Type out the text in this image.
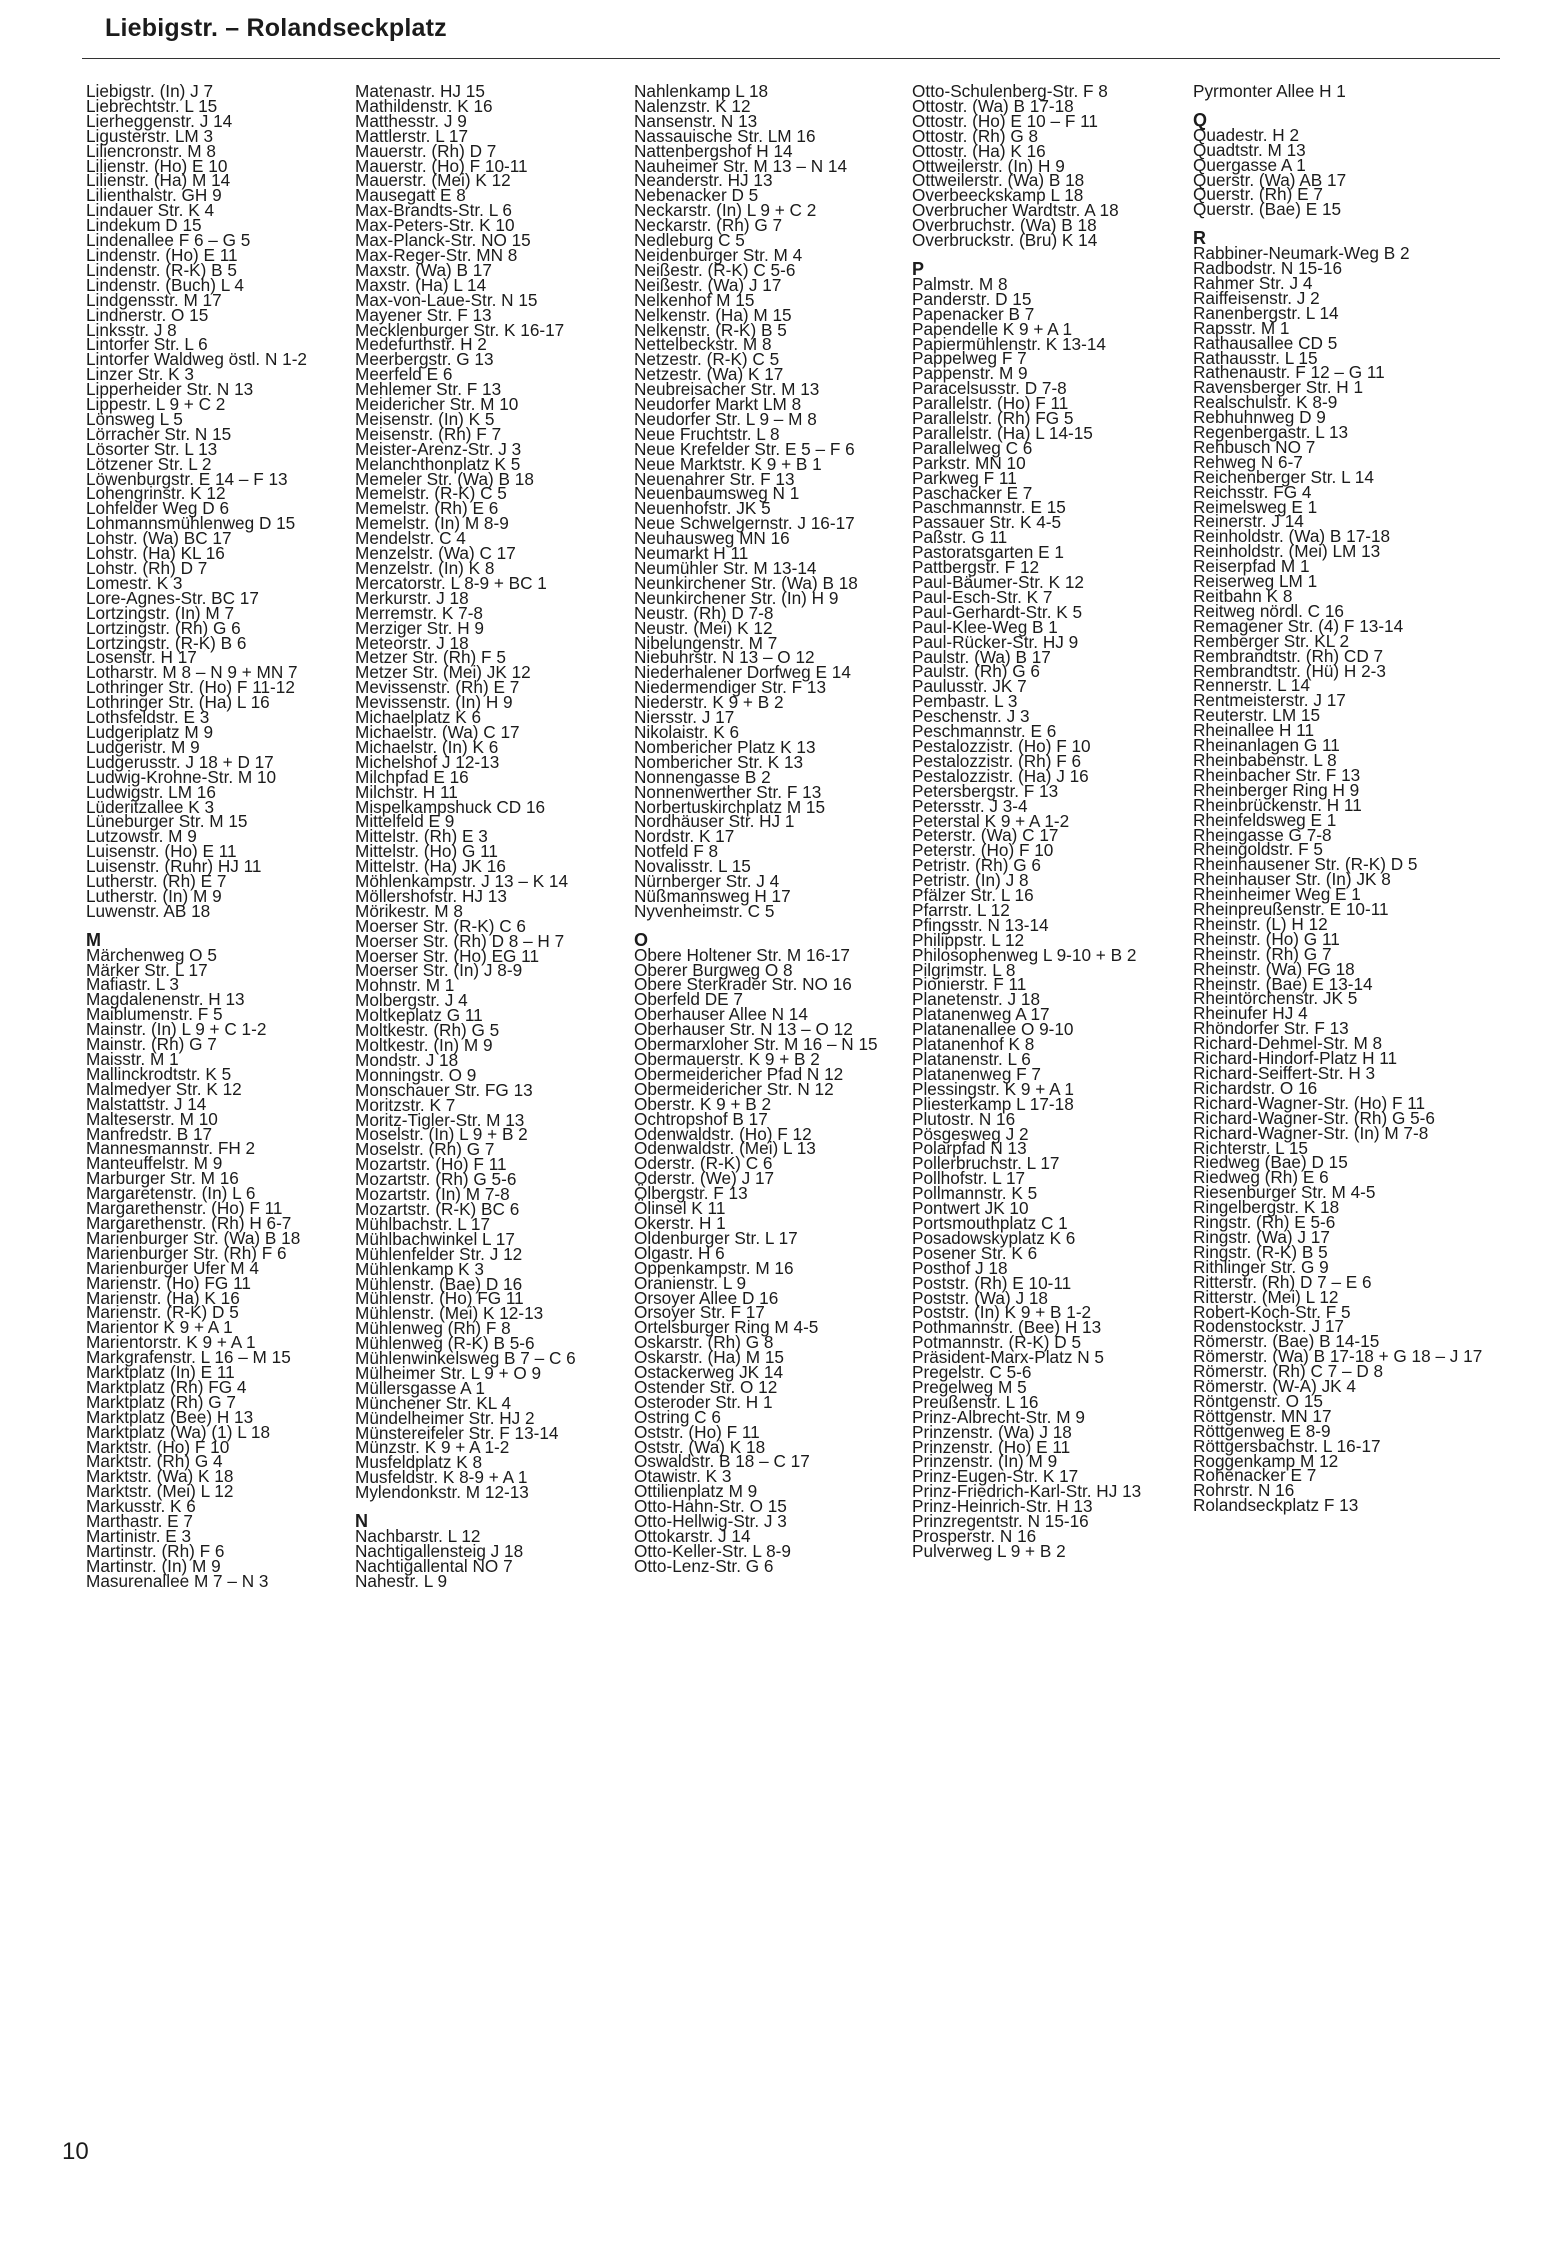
Liebigstr. – Rolandseckplatz
Liebigstr. (In) J 7
Liebrechtstr. L 15
Lierheggenstr. J 14
Ligusterstr. LM 3
Liliencronstr. M 8
Lilienstr. (Ho) E 10
Lilienstr. (Ha) M 14
Lilienthalstr. GH 9
Lindauer Str. K 4
Lindekum D 15
Lindenallee F 6 – G 5
Lindenstr. (Ho) E 11
Lindenstr. (R-K) B 5
Lindenstr. (Buch) L 4
Lindgensstr. M 17
Lindnerstr. O 15
Linksstr. J 8
Lintorfer Str. L 6
Lintorfer Waldweg östl. N 1-2
Linzer Str. K 3
Lipperheider Str. N 13
Lippestr. L 9 + C 2
Lönsweg L 5
Lörracher Str. N 15
Lösorter Str. L 13
Lötzener Str. L 2
Löwenburgstr. E 14 – F 13
Lohengrinstr. K 12
Lohfelder Weg D 6
Lohmannsmühlenweg D 15
Lohstr. (Wa) BC 17
Lohstr. (Ha) KL 16
Lohstr. (Rh) D 7
Lomestr. K 3
Lore-Agnes-Str. BC 17
Lortzingstr. (In) M 7
Lortzingstr. (Rh) G 6
Lortzingstr. (R-K) B 6
Losenstr. H 17
Lotharstr. M 8 – N 9 + MN 7
Lothringer Str. (Ho) F 11-12
Lothringer Str. (Ha) L 16
Lothsfeldstr. E 3
Ludgeriplatz M 9
Ludgeristr. M 9
Ludgerusstr. J 18 + D 17
Ludwig-Krohne-Str. M 10
Ludwigstr. LM 16
Lüderitzallee K 3
Lüneburger Str. M 15
Lutzowstr. M 9
Luisenstr. (Ho) E 11
Luisenstr. (Ruhr) HJ 11
Lutherstr. (Rh) E 7
Lutherstr. (In) M 9
Luwenstr. AB 18
M
Märchenweg O 5
Märker Str. L 17
Mafiastr. L 3
Magdalenenstr. H 13
Maiblumenstr. F 5
Mainstr. (In) L 9 + C 1-2
Mainstr. (Rh) G 7
Maisstr. M 1
Mallinckrodtstr. K 5
Malmedyer Str. K 12
Malstattstr. J 14
Malteserstr. M 10
Manfredstr. B 17
Mannesmannstr. FH 2
Manteuffelstr. M 9
Marburger Str. M 16
Margaretenstr. (In) L 6
Margarethenstr. (Ho) F 11
Margarethenstr. (Rh) H 6-7
Marienburger Str. (Wa) B 18
Marienburger Str. (Rh) F 6
Marienburger Ufer M 4
Marienstr. (Ho) FG 11
Marienstr. (Ha) K 16
Marienstr. (R-K) D 5
Marientor K 9 + A 1
Marientorstr. K 9 + A 1
Markgrafenstr. L 16 – M 15
Marktplatz (In) E 11
Marktplatz (Rh) FG 4
Marktplatz (Rh) G 7
Marktplatz (Bee) H 13
Marktplatz (Wa) (1) L 18
Marktstr. (Ho) F 10
Marktstr. (Rh) G 4
Marktstr. (Wa) K 18
Marktstr. (Mei) L 12
Markusstr. K 6
Marthastr. E 7
Martinistr. E 3
Martinstr. (Rh) F 6
Martinstr. (In) M 9
Masurenallee M 7 – N 3
Matenastr. HJ 15
Mathildenstr. K 16
Matthesstr. J 9
Mattlerstr. L 17
Mauerstr. (Rh) D 7
Mauerstr. (Ho) F 10-11
Mauerstr. (Mei) K 12
Mausegatt E 8
Max-Brandts-Str. L 6
Max-Peters-Str. K 10
Max-Planck-Str. NO 15
Max-Reger-Str. MN 8
Maxstr. (Wa) B 17
Maxstr. (Ha) L 14
Max-von-Laue-Str. N 15
Mayener Str. F 13
Mecklenburger Str. K 16-17
Medefurthstr. H 2
Meerbergstr. G 13
Meerfeld E 6
Mehlemer Str. F 13
Meidericher Str. M 10
Meisenstr. (In) K 5
Meisenstr. (Rh) F 7
Meister-Arenz-Str. J 3
Melanchthonplatz K 5
Memeler Str. (Wa) B 18
Memelstr. (R-K) C 5
Memelstr. (Rh) E 6
Memelstr. (In) M 8-9
Mendelstr. C 4
Menzelstr. (Wa) C 17
Menzelstr. (In) K 8
Mercatorstr. L 8-9 + BC 1
Merkurstr. J 18
Merremstr. K 7-8
Merziger Str. H 9
Meteorstr. J 18
Metzer Str. (Rh) F 5
Metzer Str. (Mei) JK 12
Mevissenstr. (Rh) E 7
Mevissenstr. (In) H 9
Michaelplatz K 6
Michaelstr. (Wa) C 17
Michaelstr. (In) K 6
Michelshof J 12-13
Milchpfad E 16
Milchstr. H 11
Mispelkampshuck CD 16
Mittelfeld E 9
Mittelstr. (Rh) E 3
Mittelstr. (Ho) G 11
Mittelstr. (Ha) JK 16
Möhlenkampstr. J 13 – K 14
Möllershofstr. HJ 13
Mörikestr. M 8
Moerser Str. (R-K) C 6
Moerser Str. (Rh) D 8 – H 7
Moerser Str. (Ho) EG 11
Moerser Str. (In) J 8-9
Mohnstr. M 1
Molbergstr. J 4
Moltkeplatz G 11
Moltkestr. (Rh) G 5
Moltkestr. (In) M 9
Mondstr. J 18
Monningstr. O 9
Monschauer Str. FG 13
Moritzstr. K 7
Moritz-Tigler-Str. M 13
Moselstr. (In) L 9 + B 2
Moselstr. (Rh) G 7
Mozartstr. (Ho) F 11
Mozartstr. (Rh) G 5-6
Mozartstr. (In) M 7-8
Mozartstr. (R-K) BC 6
Mühlbachstr. L 17
Mühlbachwinkel L 17
Mühlenfelder Str. J 12
Mühlenkamp K 3
Mühlenstr. (Bae) D 16
Mühlenstr. (Ho) FG 11
Mühlenstr. (Mei) K 12-13
Mühlenweg (Rh) F 8
Mühlenweg (R-K) B 5-6
Mühlenwinkelsweg B 7 – C 6
Mülheimer Str. L 9 + O 9
Müllersgasse A 1
Münchener Str. KL 4
Mündelheimer Str. HJ 2
Münstereifeler Str. F 13-14
Münzstr. K 9 + A 1-2
Musfeldplatz K 8
Musfeldstr. K 8-9 + A 1
Mylendonkstr. M 12-13
N
Nachbarstr. L 12
Nachtigallensteig J 18
Nachtigallental NO 7
Nahestr. L 9
Nahlenkamp L 18
Nalenzstr. K 12
Nansenstr. N 13
Nassauische Str. LM 16
Nattenbergshof H 14
Nauheimer Str. M 13 – N 14
Neanderstr. HJ 13
Nebenacker D 5
Neckarstr. (In) L 9 + C 2
Neckarstr. (Rh) G 7
Nedleburg C 5
Neidenburger Str. M 4
Neißestr. (R-K) C 5-6
Neißestr. (Wa) J 17
Nelkenhof M 15
Nelkenstr. (Ha) M 15
Nelkenstr. (R-K) B 5
Nettelbeckstr. M 8
Netzestr. (R-K) C 5
Netzestr. (Wa) K 17
Neubreisacher Str. M 13
Neudorfer Markt LM 8
Neudorfer Str. L 9 – M 8
Neue Fruchtstr. L 8
Neue Krefelder Str. E 5 – F 6
Neue Marktstr. K 9 + B 1
Neuenahrer Str. F 13
Neuenbaumsweg N 1
Neuenhofstr. JK 5
Neue Schwelgernstr. J 16-17
Neuhausweg MN 16
Neumarkt H 11
Neumühler Str. M 13-14
Neunkirchener Str. (Wa) B 18
Neunkirchener Str. (In) H 9
Neustr. (Rh) D 7-8
Neustr. (Mei) K 12
Nibelungenstr. M 7
Niebuhrstr. N 13 – O 12
Niederhalener Dorfweg E 14
Niedermendiger Str. F 13
Niederstr. K 9 + B 2
Niersstr. J 17
Nikolaistr. K 6
Nombericher Platz K 13
Nombericher Str. K 13
Nonnengasse B 2
Nonnenwerther Str. F 13
Norbertuskirchplatz M 15
Nordhäuser Str. HJ 1
Nordstr. K 17
Notfeld F 8
Novalisstr. L 15
Nürnberger Str. J 4
Nüßmannsweg H 17
Nyvenheimstr. C 5
O
Obere Holtener Str. M 16-17
Oberer Burgweg O 8
Obere Sterkrader Str. NO 16
Oberfeld DE 7
Oberhauser Allee N 14
Oberhauser Str. N 13 – O 12
Obermarxloher Str. M 16 – N 15
Obermauerstr. K 9 + B 2
Obermeidericher Pfad N 12
Obermeidericher Str. N 12
Oberstr. K 9 + B 2
Ochtropshof B 17
Odenwaldstr. (Ho) F 12
Odenwaldstr. (Mei) L 13
Oderstr. (R-K) C 6
Oderstr. (We) J 17
Ölbergstr. F 13
Ölinsel K 11
Okerstr. H 1
Oldenburger Str. L 17
Olgastr. H 6
Oppenkampstr. M 16
Oranienstr. L 9
Orsoyer Allee D 16
Orsoyer Str. F 17
Ortelsburger Ring M 4-5
Oskarstr. (Rh) G 8
Oskarstr. (Ha) M 15
Ostackerweg JK 14
Ostender Str. O 12
Osteroder Str. H 1
Ostring C 6
Oststr. (Ho) F 11
Oststr. (Wa) K 18
Oswaldstr. B 18 – C 17
Otawistr. K 3
Ottilienplatz M 9
Otto-Hahn-Str. O 15
Otto-Hellwig-Str. J 3
Ottokarstr. J 14
Otto-Keller-Str. L 8-9
Otto-Lenz-Str. G 6
Otto-Schulenberg-Str. F 8
Ottostr. (Wa) B 17-18
Ottostr. (Ho) E 10 – F 11
Ottostr. (Rh) G 8
Ottostr. (Ha) K 16
Ottweilerstr. (In) H 9
Ottweilerstr. (Wa) B 18
Overbeeckskamp L 18
Overbrucher Wardtstr. A 18
Overbruchstr. (Wa) B 18
Overbruckstr. (Bru) K 14
P
Palmstr. M 8
Panderstr. D 15
Papenacker B 7
Papendelle K 9 + A 1
Papiermühlenstr. K 13-14
Pappelweg F 7
Pappenstr. M 9
Paracelsusstr. D 7-8
Parallelstr. (Ho) F 11
Parallelstr. (Rh) FG 5
Parallelstr. (Ha) L 14-15
Parallelweg C 6
Parkstr. MN 10
Parkweg F 11
Paschacker E 7
Paschmannstr. E 15
Passauer Str. K 4-5
Paßstr. G 11
Pastoratsgarten E 1
Pattbergstr. F 12
Paul-Bäumer-Str. K 12
Paul-Esch-Str. K 7
Paul-Gerhardt-Str. K 5
Paul-Klee-Weg B 1
Paul-Rücker-Str. HJ 9
Paulstr. (Wa) B 17
Paulstr. (Rh) G 6
Paulusstr. JK 7
Pembastr. L 3
Peschenstr. J 3
Peschmannstr. E 6
Pestalozzistr. (Ho) F 10
Pestalozzistr. (Rh) F 6
Pestalozzistr. (Ha) J 16
Petersbergstr. F 13
Petersstr. J 3-4
Peterstal K 9 + A 1-2
Peterstr. (Wa) C 17
Peterstr. (Ho) F 10
Petristr. (Rh) G 6
Petristr. (In) J 8
Pfälzer Str. L 16
Pfarrstr. L 12
Pfingsstr. N 13-14
Philippstr. L 12
Philosophenweg L 9-10 + B 2
Pilgrimstr. L 8
Pionierstr. F 11
Planetenstr. J 18
Platanenweg A 17
Platanenallee O 9-10
Platanenhof K 8
Platanenstr. L 6
Platanenweg F 7
Plessingstr. K 9 + A 1
Pliesterkamp L 17-18
Plutostr. N 16
Pösgesweg J 2
Polarpfad N 13
Pollerbruchstr. L 17
Pollhofstr. L 17
Pollmannstr. K 5
Pontwert JK 10
Portsmouthplatz C 1
Posadowskyplatz K 6
Posener Str. K 6
Posthof J 18
Poststr. (Rh) E 10-11
Poststr. (Wa) J 18
Poststr. (In) K 9 + B 1-2
Pothmannstr. (Bee) H 13
Potmannstr. (R-K) D 5
Präsident-Marx-Platz N 5
Pregelstr. C 5-6
Pregelweg M 5
Preußenstr. L 16
Prinz-Albrecht-Str. M 9
Prinzenstr. (Wa) J 18
Prinzenstr. (Ho) E 11
Prinzenstr. (In) M 9
Prinz-Eugen-Str. K 17
Prinz-Friedrich-Karl-Str. HJ 13
Prinz-Heinrich-Str. H 13
Prinzregentstr. N 15-16
Prosperstr. N 16
Pulverweg L 9 + B 2
Pyrmonter Allee H 1
Q
Quadestr. H 2
Quadtstr. M 13
Quergasse A 1
Querstr. (Wa) AB 17
Querstr. (Rh) E 7
Querstr. (Bae) E 15
R
Rabbiner-Neumark-Weg B 2
Radbodstr. N 15-16
Rahmer Str. J 4
Raiffeisenstr. J 2
Ranenbergstr. L 14
Rapsstr. M 1
Rathausallee CD 5
Rathausstr. L 15
Rathenaustr. F 12 – G 11
Ravensberger Str. H 1
Realschulstr. K 8-9
Rebhuhnweg D 9
Regenbergastr. L 13
Rehbusch NO 7
Rehweg N 6-7
Reichenberger Str. L 14
Reichsstr. FG 4
Reimelsweg E 1
Reinerstr. J 14
Reinholdstr. (Wa) B 17-18
Reinholdstr. (Mei) LM 13
Reiserpfad M 1
Reiserweg LM 1
Reitbahn K 8
Reitweg nördl. C 16
Remagener Str. (4) F 13-14
Remberger Str. KL 2
Rembrandtstr. (Rh) CD 7
Rembrandtstr. (Hü) H 2-3
Rennerstr. L 14
Rentmeisterstr. J 17
Reuterstr. LM 15
Rheinallee H 11
Rheinanlagen G 11
Rheinbabenstr. L 8
Rheinbacher Str. F 13
Rheinberger Ring H 9
Rheinbrückenstr. H 11
Rheinfeldsweg E 1
Rheingasse G 7-8
Rheingoldstr. F 5
Rheinhausener Str. (R-K) D 5
Rheinhauser Str. (In) JK 8
Rheinheimer Weg E 1
Rheinpreußenstr. E 10-11
Rheinstr. (L) H 12
Rheinstr. (Ho) G 11
Rheinstr. (Rh) G 7
Rheinstr. (Wa) FG 18
Rheinstr. (Bae) E 13-14
Rheintörchenstr. JK 5
Rheinufer HJ 4
Rhöndorfer Str. F 13
Richard-Dehmel-Str. M 8
Richard-Hindorf-Platz H 11
Richard-Seiffert-Str. H 3
Richardstr. O 16
Richard-Wagner-Str. (Ho) F 11
Richard-Wagner-Str. (Rh) G 5-6
Richard-Wagner-Str. (In) M 7-8
Richterstr. L 15
Riedweg (Bae) D 15
Riedweg (Rh) E 6
Riesenburger Str. M 4-5
Ringelbergstr. K 18
Ringstr. (Rh) E 5-6
Ringstr. (Wa) J 17
Ringstr. (R-K) B 5
Rithlinger Str. G 9
Ritterstr. (Rh) D 7 – E 6
Ritterstr. (Mei) L 12
Robert-Koch-Str. F 5
Rodenstockstr. J 17
Römerstr. (Bae) B 14-15
Römerstr. (Wa) B 17-18 + G 18 – J 17
Römerstr. (Rh) C 7 – D 8
Römerstr. (W-A) JK 4
Röntgenstr. O 15
Röttgenstr. MN 17
Röttgenweg E 8-9
Röttgersbachstr. L 16-17
Roggenkamp M 12
Rohenacker E 7
Rohrstr. N 16
Rolandseckplatz F 13
10
